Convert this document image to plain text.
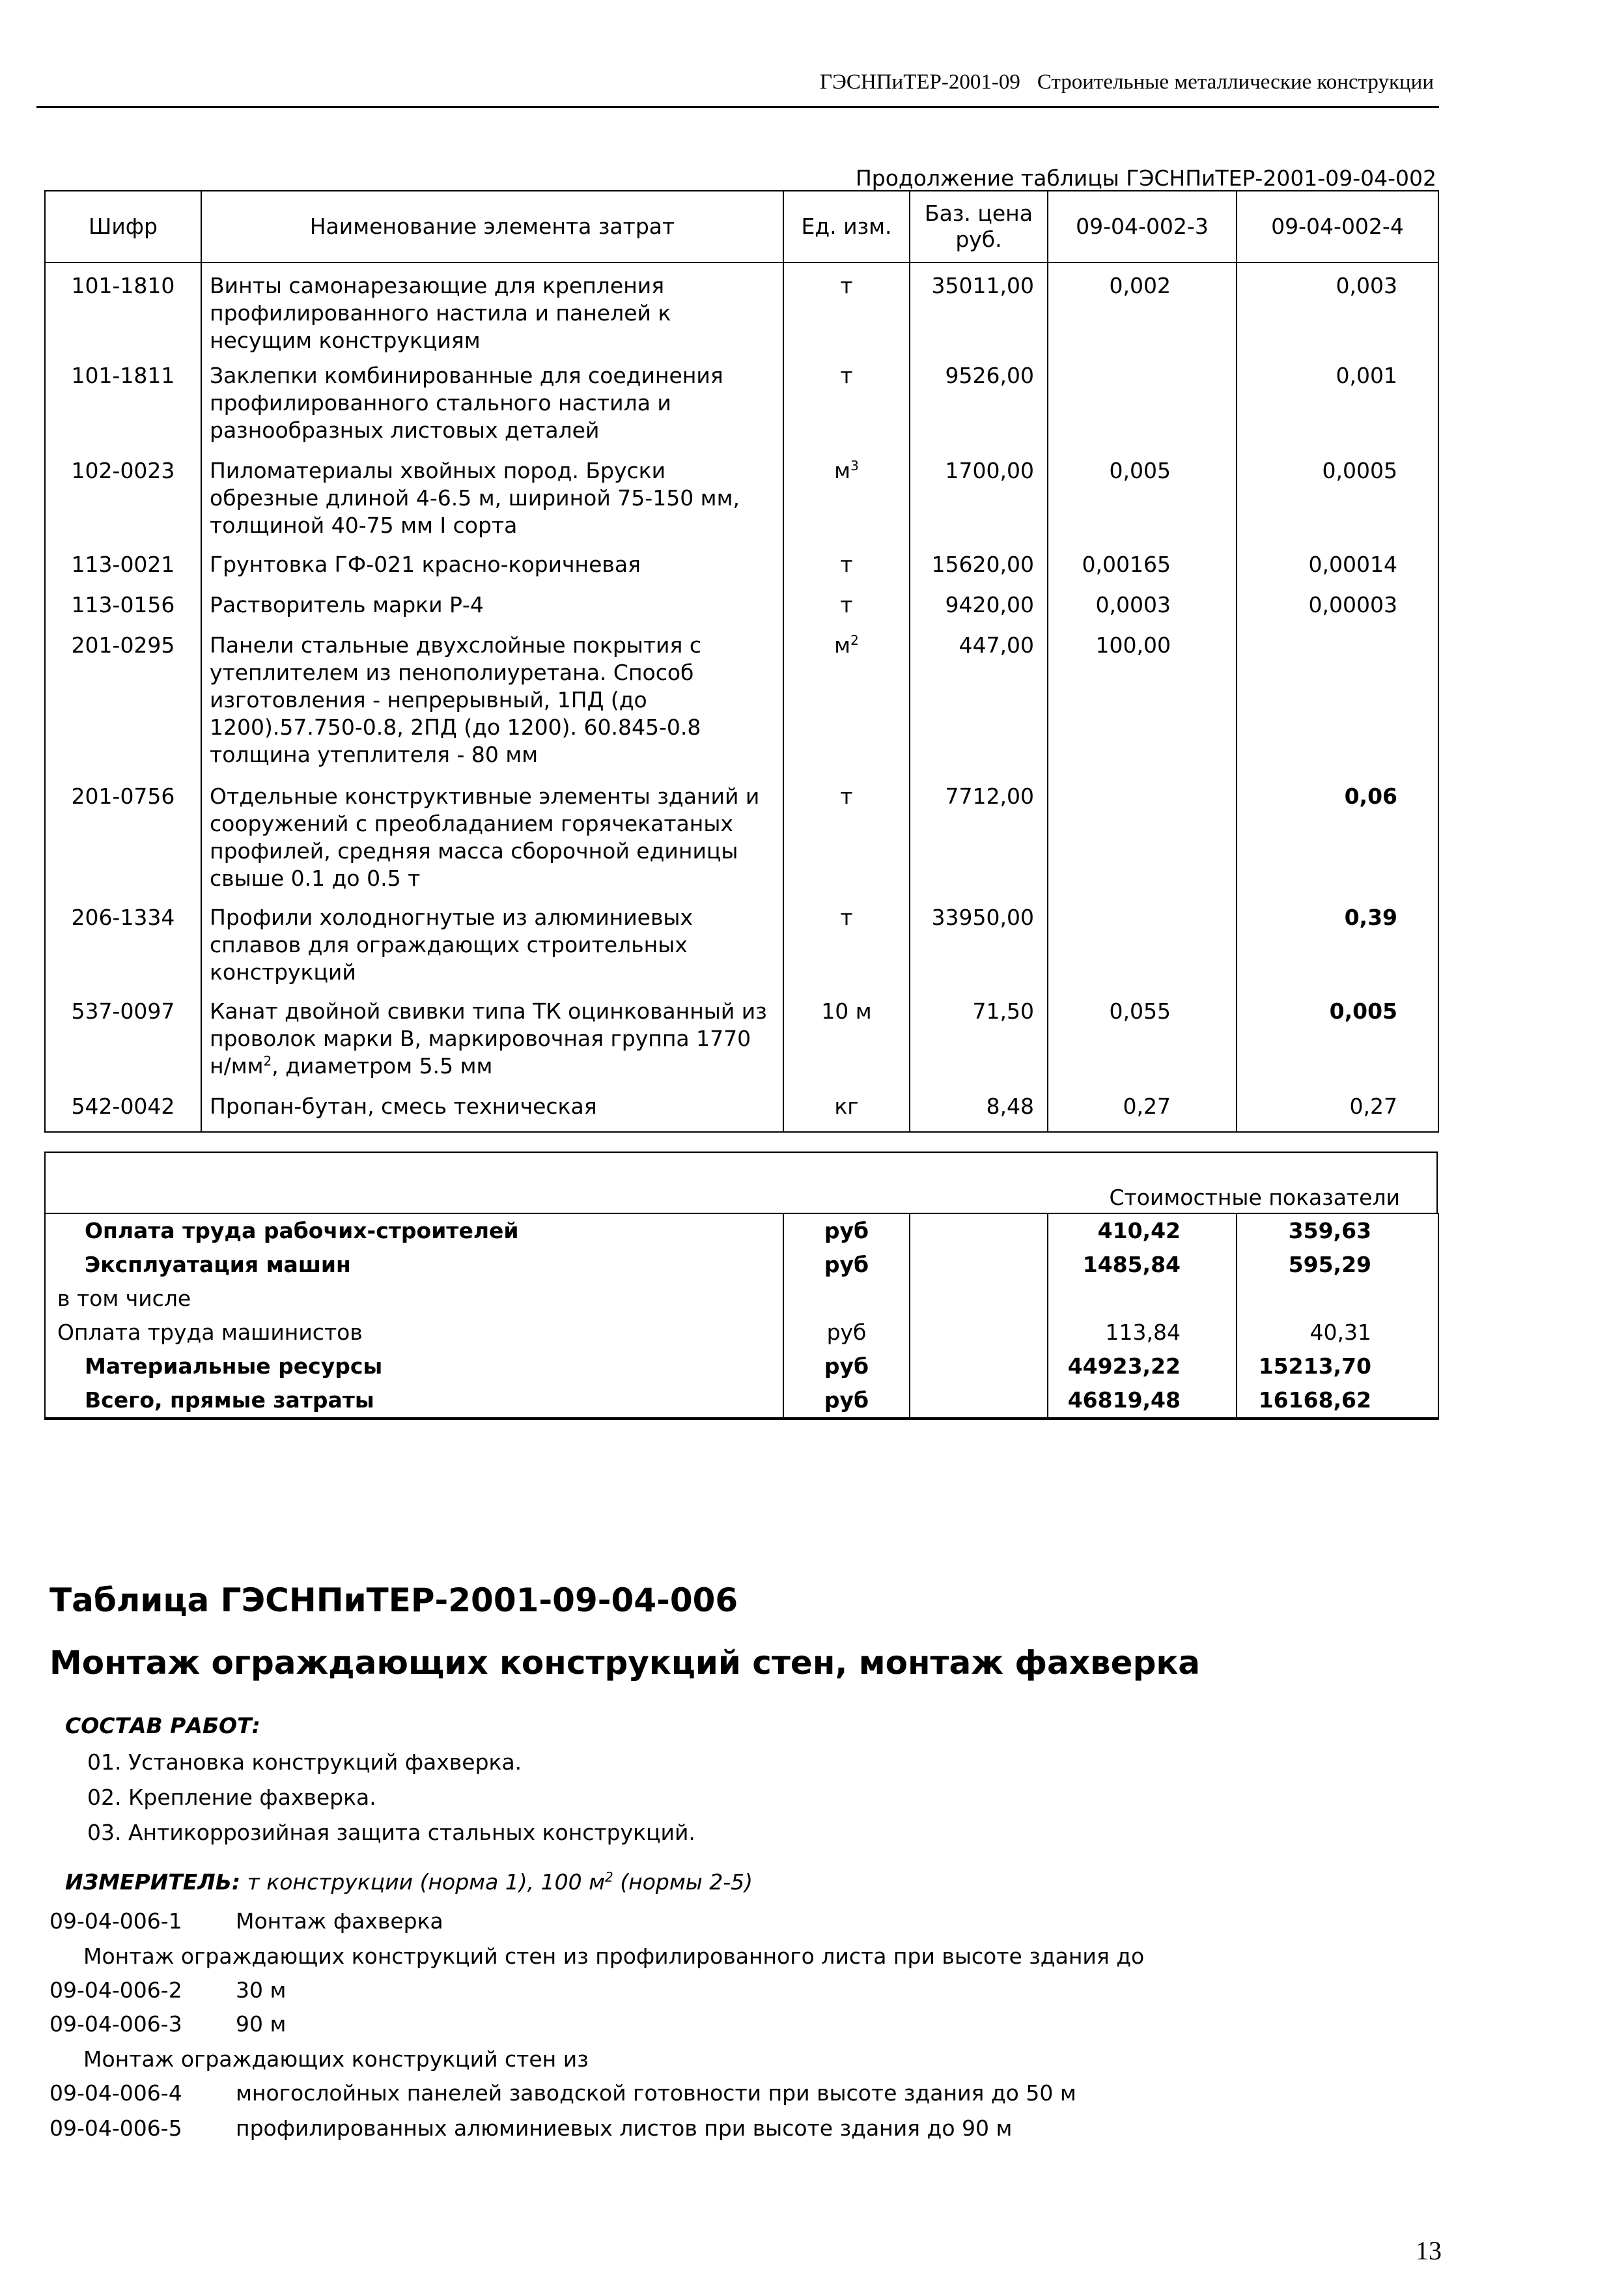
ГЭСНПиТЕР-2001-09 Строительные металлические конструкции
Продолжение таблицы ГЭСНПиТЕР-2001-09-04-002
Шифр	Наименование элемента затрат	Ед. изм.	Баз. цена руб.	09-04-002-3	09-04-002-4
101-1810	Винты самонарезающие для крепления профилированного настила и панелей к несущим конструкциям	т	35011,00	0,002	0,003
101-1811	Заклепки комбинированные для соединения профилированного стального настила и разнообразных листовых деталей	т	9526,00		0,001
102-0023	Пиломатериалы хвойных пород. Бруски обрезные длиной 4-6.5 м, шириной 75-150 мм, толщиной 40-75 мм I сорта	$м^3$	1700,00	0,005	0,0005
113-0021	Грунтовка ГФ-021 красно-коричневая	т	15620,00	0,00165	0,00014
113-0156	Растворитель марки Р-4	т	9420,00	0,0003	0,00003
201-0295	Панели стальные двухслойные покрытия с утеплителем из пенополиуретана. Способ изготовления - непрерывный, 1ПД (до 1200).57.750-0.8, 2ПД (до 1200). 60.845-0.8 толщина утеплителя - 80 мм	$м^2$	447,00	100,00	
201-0756	Отдельные конструктивные элементы зданий и сооружений с преобладанием горячекатаных профилей, средняя масса сборочной единицы свыше 0.1 до 0.5 т	т	7712,00		0,06
206-1334	Профили холодногнутые из алюминиевых сплавов для ограждающих строительных конструкций	т	33950,00		0,39
537-0097	Канат двойной свивки типа ТК оцинкованный из проволок марки В, маркировочная группа 1770 $н/мм^2$, диаметром 5.5 мм	10 м	71,50	0,055	0,005
542-0042	Пропан-бутан, смесь техническая	кг	8,48	0,27	0,27
Стоимостные показатели
Оплата труда рабочих-строителей	руб		410,42	359,63
Эксплуатация машин	руб		1485,84	595,29
в том числе				
Оплата труда машинистов	руб		113,84	40,31
Материальные ресурсы	руб		44923,22	15213,70
Всего, прямые затраты	руб		46819,48	16168,62
Таблица ГЭСНПиТЕР-2001-09-04-006
Монтаж ограждающих конструкций стен, монтаж фахверка
СОСТАВ РАБОТ:
01. Установка конструкций фахверка.
02. Крепление фахверка.
03. Антикоррозийная защита стальных конструкций.
ИЗМЕРИТЕЛЬ: т конструкции (норма 1), 100 $м^2$ (нормы 2-5)
09-04-006-1 Монтаж фахверка
Монтаж ограждающих конструкций стен из профилированного листа при высоте здания до
09-04-006-2 30 м
09-04-006-3 90 м
Монтаж ограждающих конструкций стен из
09-04-006-4 многослойных панелей заводской готовности при высоте здания до 50 м
09-04-006-5 профилированных алюминиевых листов при высоте здания до 90 м
13
